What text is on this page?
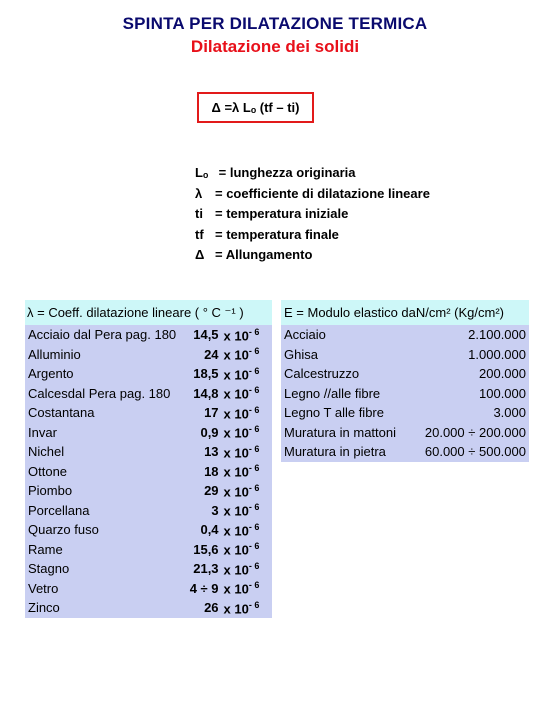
SPINTA PER DILATAZIONE TERMICA
Dilatazione dei solidi
Δ =λ Lₒ (tf – ti)
Lₒ = lunghezza originaria
λ = coefficiente di dilatazione lineare
ti = temperatura iniziale
tf = temperatura finale
Δ = Allungamento
λ = Coeff. dilatazione lineare ( ° C ⁻¹ )		
Acciaio dal Pera pag. 180	14,5	x $10^{- 6}$
Alluminio	24	x $10^{- 6}$
Argento	18,5	x $10^{- 6}$
Calcesdal Pera pag. 180	14,8	x $10^{- 6}$
Costantana	17	x $10^{- 6}$
Invar	0,9	x $10^{- 6}$
Nichel	13	x $10^{- 6}$
Ottone	18	x $10^{- 6}$
Piombo	29	x $10^{- 6}$
Porcellana	3	x $10^{- 6}$
Quarzo fuso	0,4	x $10^{- 6}$
Rame	15,6	x $10^{- 6}$
Stagno	21,3	x $10^{- 6}$
Vetro	4 ÷ 9	x $10^{- 6}$
Zinco	26	x $10^{- 6}$
E = Modulo elastico daN/cm² (Kg/cm²)	
Acciaio	2.100.000
Ghisa	1.000.000
Calcestruzzo	200.000
Legno //alle fibre	100.000
Legno T alle fibre	3.000
Muratura in mattoni	20.000 ÷ 200.000
Muratura in pietra	60.000 ÷ 500.000
